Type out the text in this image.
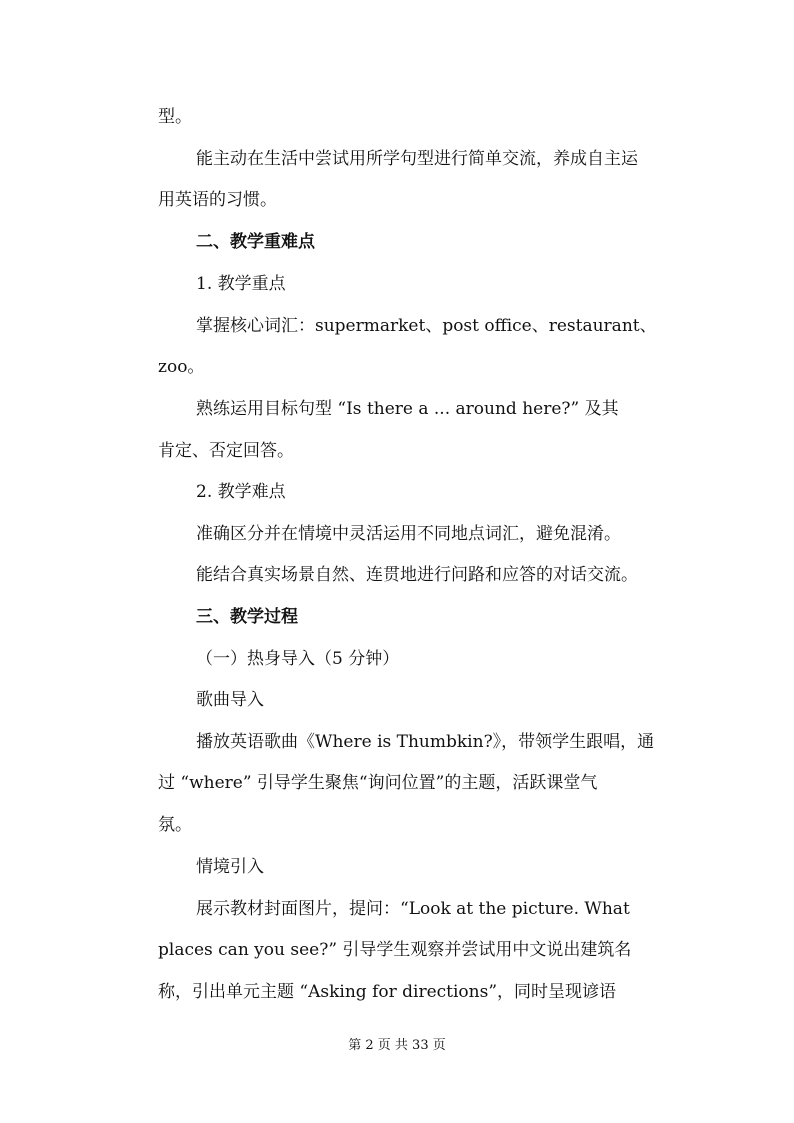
型。

能主动在生活中尝试用所学句型进行简单交流，养成自主运

用英语的习惯。

二、教学重难点

1. 教学重点

掌握核心词汇：supermarket、post office、restaurant、

zoo。

熟练运用目标句型 “Is there a ... around here?” 及其

肯定、否定回答。

2. 教学难点

准确区分并在情境中灵活运用不同地点词汇，避免混淆。

能结合真实场景自然、连贯地进行问路和应答的对话交流。

三、教学过程

（一）热身导入（5 分钟）

歌曲导入

播放英语歌曲《Where is Thumbkin?》，带领学生跟唱，通

过 “where” 引导学生聚焦“询问位置”的主题，活跃课堂气

氛。

情境引入

展示教材封面图片，提问：“Look at the picture. What

places can you see?” 引导学生观察并尝试用中文说出建筑名

称，引出单元主题 “Asking for directions”，同时呈现谚语

第 2 页 共 33 页
